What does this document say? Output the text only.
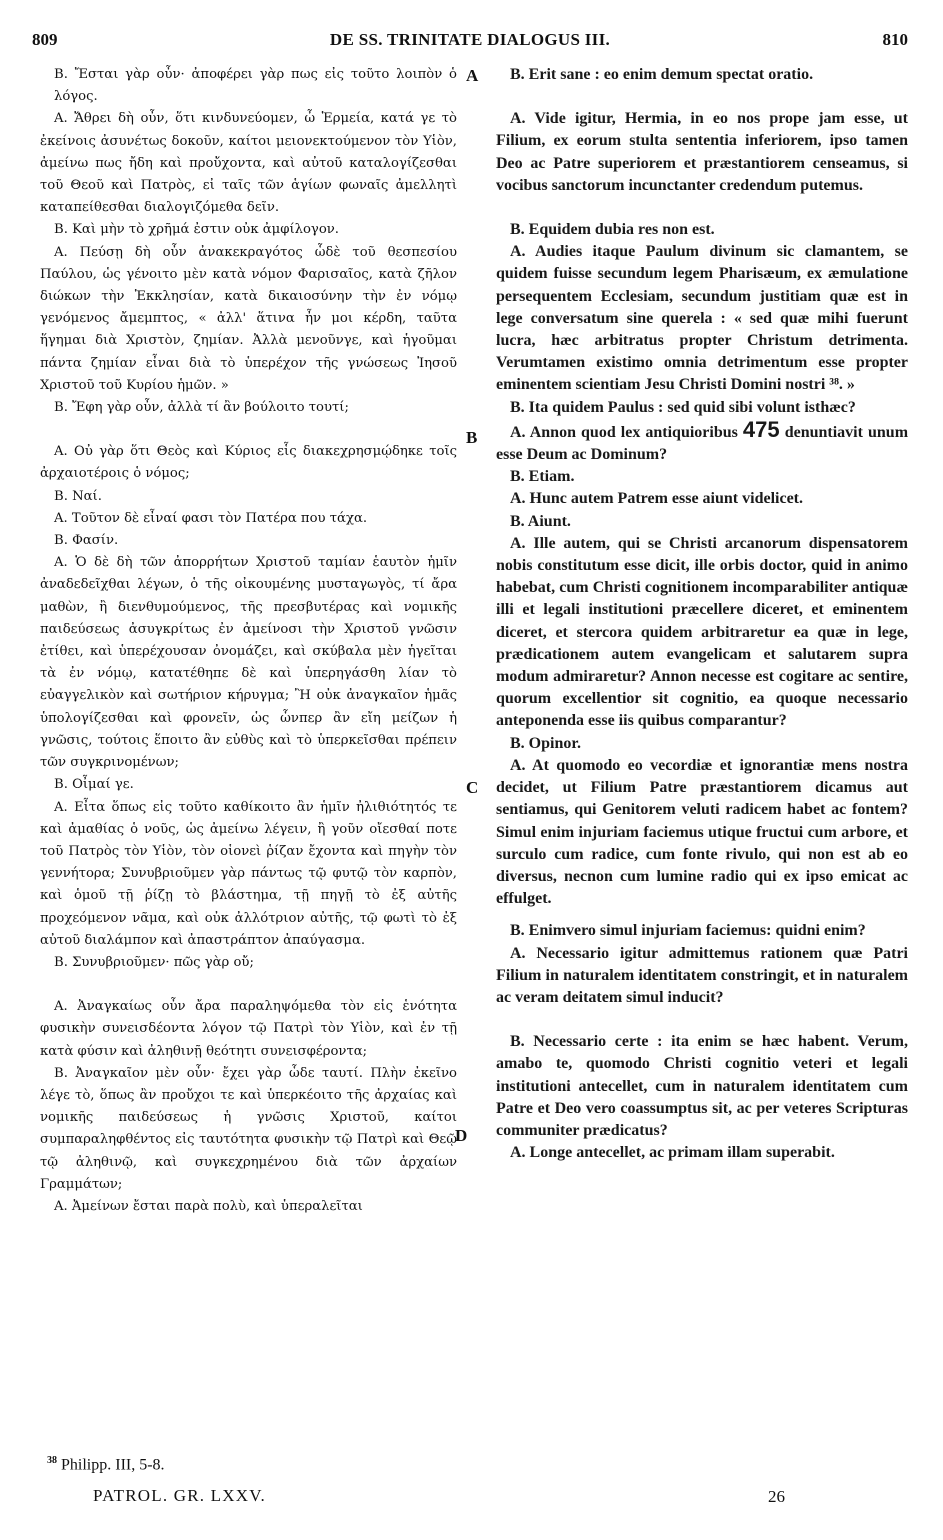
809	DE SS. TRINITATE DIALOGUS III.	810

B. Ἔσται γὰρ οὖν· ἀποφέρει γὰρ πως εἰς τοῦτο λοιπὸν ὁ λόγος.

A. Ἄθρει δὴ οὖν, ὅτι κινδυνεύομεν, ὦ Ἑρμεία, κατά γε τὸ ἐκείνοις ἀσυνέτως δοκοῦν, καίτοι μειονεκτούμενον τὸν Υἱὸν, ἀμείνω πως ἤδη καὶ προὔχοντα, καὶ αὐτοῦ καταλογίζεσθαι τοῦ Θεοῦ καὶ Πατρὸς, εἰ ταῖς τῶν ἁγίων φωναῖς ἀμελλητὶ καταπείθεσθαι διαλογιζόμεθα δεῖν.

B. Καὶ μὴν τὸ χρῆμά ἐστιν οὐκ ἀμφίλογον.

A. Πεύσῃ δὴ οὖν ἀνακεκραγότος ὧδὲ τοῦ θεσπεσίου Παύλου, ὡς γένοιτο μὲν κατὰ νόμον Φαρισαῖος, κατὰ ζῆλον διώκων τὴν Ἐκκλησίαν, κατὰ δικαιοσύνην τὴν ἐν νόμῳ γενόμενος ἄμεμπτος, « ἀλλ' ἅτινα ἦν μοι κέρδη, ταῦτα ἥγημαι διὰ Χριστὸν, ζημίαν. Ἀλλὰ μενοῦνγε, καὶ ἡγοῦμαι πάντα ζημίαν εἶναι διὰ τὸ ὑπερέχον τῆς γνώσεως Ἰησοῦ Χριστοῦ τοῦ Κυρίου ἡμῶν. »

B. Ἔφη γὰρ οὖν, ἀλλὰ τί ἂν βούλοιτο τουτί;

A. Οὐ γὰρ ὅτι Θεὸς καὶ Κύριος εἷς διακεχρησμῴδηκε τοῖς ἀρχαιοτέροις ὁ νόμος;

B. Ναί.

A. Τοῦτον δὲ εἶναί φασι τὸν Πατέρα που τάχα.

B. Φασίν.

A. Ὁ δὲ δὴ τῶν ἀπορρήτων Χριστοῦ ταμίαν ἑαυτὸν ἡμῖν ἀναδεδεῖχθαι λέγων, ὁ τῆς οἰκουμένης μυσταγωγὸς, τί ἄρα μαθὼν, ἢ διενθυμούμενος, τῆς πρεσβυτέρας καὶ νομικῆς παιδεύσεως ἀσυγκρίτως ἐν ἀμείνοσι τὴν Χριστοῦ γνῶσιν ἐτίθει, καὶ ὑπερέχουσαν ὀνομάζει, καὶ σκύβαλα μὲν ἡγεῖται τὰ ἐν νόμῳ, κατατέθηπε δὲ καὶ ὑπερηγάσθη λίαν τὸ εὐαγγελικὸν καὶ σωτήριον κήρυγμα; Ἢ οὐκ ἀναγκαῖον ἡμᾶς ὑπολογίζεσθαι καὶ φρονεῖν, ὡς ὧνπερ ἂν εἴη μείζων ἡ γνῶσις, τούτοις ἕποιτο ἂν εὐθὺς καὶ τὸ ὑπερκεῖσθαι πρέπειν τῶν συγκρινομένων;

B. Οἶμαί γε.

A. Εἶτα ὅπως εἰς τοῦτο καθίκοιτο ἂν ἡμῖν ἠλιθιότητός τε καὶ ἀμαθίας ὁ νοῦς, ὡς ἀμείνω λέγειν, ἢ γοῦν οἴεσθαί ποτε τοῦ Πατρὸς τὸν Υἱὸν, τὸν οἱονεὶ ῥίζαν ἔχοντα καὶ πηγὴν τὸν γεννήτορα; Συνυβριοῦμεν γὰρ πάντως τῷ φυτῷ τὸν καρπὸν, καὶ ὁμοῦ τῇ ῥίζῃ τὸ βλάστημα, τῇ πηγῇ τὸ ἐξ αὐτῆς προχεόμενον νᾶμα, καὶ οὐκ ἀλλότριον αὐτῆς, τῷ φωτὶ τὸ ἐξ αὐτοῦ διαλάμπον καὶ ἀπαστράπτον ἀπαύγασμα.

B. Συνυβριοῦμεν· πῶς γὰρ οὔ;

A. Ἀναγκαίως οὖν ἄρα παραληψόμεθα τὸν εἰς ἑνότητα φυσικὴν συνεισδέοντα λόγον τῷ Πατρὶ τὸν Υἱὸν, καὶ ἐν τῇ κατὰ φύσιν καὶ ἀληθινῇ θεότητι συνεισφέροντα;

B. Ἀναγκαῖον μὲν οὖν· ἔχει γὰρ ὧδε ταυτί. Πλὴν ἐκεῖνο λέγε τὸ, ὅπως ἂν προὔχοι τε καὶ ὑπερκέοιτο τῆς ἀρχαίας καὶ νομικῆς παιδεύσεως ἡ γνῶσις Χριστοῦ, καίτοι συμπαραληφθέντος εἰς ταυτότητα φυσικὴν τῷ Πατρὶ καὶ Θεῷ τῷ ἀληθινῷ, καὶ συγκεχρημένου διὰ τῶν ἀρχαίων Γραμμάτων;

A. Ἀμείνων ἔσται παρὰ πολὺ, καὶ ὑπεραλεῖται

B. Erit sane : eo enim demum spectat oratio.

A. Vide igitur, Hermia, in eo nos prope jam esse, ut Filium, ex eorum stulta sententia inferiorem, ipso tamen Deo ac Patre superiorem et præstantiorem censeamus, si vocibus sanctorum incunctanter credendum putemus.

B. Equidem dubia res non est.

A. Audies itaque Paulum divinum sic clamantem, se quidem fuisse secundum legem Pharisæum, ex æmulatione persequentem Ecclesiam, secundum justitiam quæ est in lege conversatum sine querela : « sed quæ mihi fuerunt lucra, hæc arbitratus propter Christum detrimenta. Verumtamen existimo omnia detrimentum esse propter eminentem scientiam Jesu Christi Domini nostri ³⁸. »

B. Ita quidem Paulus : sed quid sibi volunt isthæc?

A. Annon quod lex antiquioribus 475 denuntiavit unum esse Deum ac Dominum?

B. Etiam.

A. Hunc autem Patrem esse aiunt videlicet.

B. Aiunt.

A. Ille autem, qui se Christi arcanorum dispensatorem nobis constitutum esse dicit, ille orbis doctor, quid in animo habebat, cum Christi cognitionem incomparabiliter antiquæ illi et legali institutioni præcellere diceret, et eminentem diceret, et stercora quidem arbitraretur ea quæ in lege, prædicationem autem evangelicam et salutarem supra modum admiraretur? Annon necesse est cogitare ac sentire, quorum excellentior sit cognitio, ea quoque necessario anteponenda esse iis quibus comparantur?

B. Opinor.

A. At quomodo eo vecordiæ et ignorantiæ mens nostra decidet, ut Filium Patre præstantiorem dicamus aut sentiamus, qui Genitorem veluti radicem habet ac fontem? Simul enim injuriam faciemus utique fructui cum arbore, et surculo cum radice, cum fonte rivulo, qui non est ab eo diversus, necnon cum lumine radio qui ex ipso emicat ac effulget.

B. Enimvero simul injuriam faciemus: quidni enim?

A. Necessario igitur admittemus rationem quæ Patri Filium in naturalem identitatem constringit, et in naturalem ac veram deitatem simul inducit?

B. Necessario certe : ita enim se hæc habent. Verum, amabo te, quomodo Christi cognitio veteri et legali institutioni antecellet, cum in naturalem identitatem cum Patre et Deo vero coassumptus sit, ac per veteres Scripturas communiter prædicatus?

A. Longe antecellet, ac primam illam superabit.

A
B
C
D
$^{38}$ Philipp. III, 5-8.
PATROL. GR. LXXV.	26
